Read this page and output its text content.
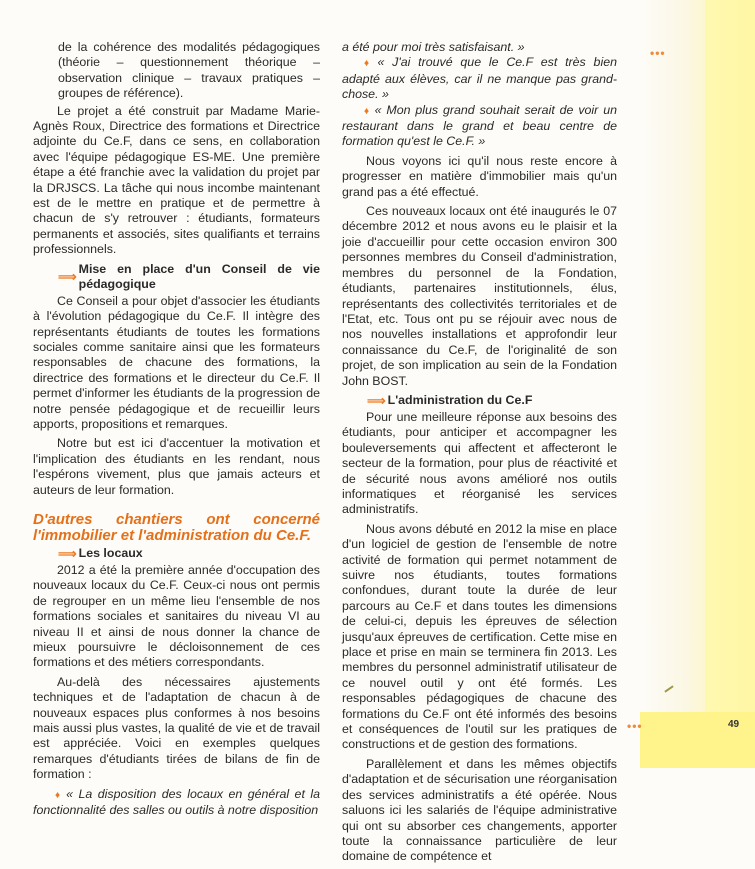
•••
•••	49
de la cohérence des modalités pédagogiques (théorie – questionnement théorique – observation clinique – travaux pratiques – groupes de référence).

Le projet a été construit par Madame Marie-Agnès Roux, Directrice des formations et Directrice adjointe du Ce.F, dans ce sens, en collaboration avec l'équipe pédagogique ES-ME. Une première étape a été franchie avec la validation du projet par la DRJSCS. La tâche qui nous incombe maintenant est de le mettre en pratique et de permettre à chacun de s'y retrouver : étudiants, formateurs permanents et associés, sites qualifiants et terrains professionnels.

⟹
Mise en place d'un Conseil de vie pédagogique

Ce Conseil a pour objet d'associer les étudiants à l'évolution pédagogique du Ce.F. Il intègre des représentants étudiants de toutes les formations sociales comme sanitaire ainsi que les formateurs responsables de chacune des formations, la directrice des formations et le directeur du Ce.F. Il permet d'informer les étudiants de la progression de notre pensée pédagogique et de recueillir leurs apports, propositions et remarques.

Notre but est ici d'accentuer la motivation et l'implication des étudiants en les rendant, nous l'espérons vivement, plus que jamais acteurs et auteurs de leur formation.

D'autres chantiers ont concerné l'immobilier et l'administration du Ce.F.
⟹ Les locaux

2012 a été la première année d'occupation des nouveaux locaux du Ce.F. Ceux-ci nous ont permis de regrouper en un même lieu l'ensemble de nos formations sociales et sanitaires du niveau VI au niveau II et ainsi de nous donner la chance de mieux poursuivre le décloisonnement de ces formations et des métiers correspondants.

Au-delà des nécessaires ajustements techniques et de l'adaptation de chacun à de nouveaux espaces plus conformes à nos besoins mais aussi plus vastes, la qualité de vie et de travail est appréciée. Voici en exemples quelques remarques d'étudiants tirées de bilans de fin de formation :

♦ « La disposition des locaux en général et la fonctionnalité des salles ou outils à notre disposition
a été pour moi très satisfaisant. »
♦ « J'ai trouvé que le Ce.F est très bien adapté aux élèves, car il ne manque pas grand-chose. »
♦ « Mon plus grand souhait serait de voir un restaurant dans le grand et beau centre de formation qu'est le Ce.F. »

Nous voyons ici qu'il nous reste encore à progresser en matière d'immobilier mais qu'un grand pas a été effectué.

Ces nouveaux locaux ont été inaugurés le 07 décembre 2012 et nous avons eu le plaisir et la joie d'accueillir pour cette occasion environ 300 personnes membres du Conseil d'administration, membres du personnel de la Fondation, étudiants, partenaires institutionnels, élus, représentants des collectivités territoriales et de l'Etat, etc. Tous ont pu se réjouir avec nous de nos nouvelles installations et approfondir leur connaissance du Ce.F, de l'originalité de son projet, de son implication au sein de la Fondation John BOST.

⟹ L'administration du Ce.F

Pour une meilleure réponse aux besoins des étudiants, pour anticiper et accompagner les bouleversements qui affectent et affecteront le secteur de la formation, pour plus de réactivité et de sécurité nous avons amélioré nos outils informatiques et réorganisé les services administratifs.

Nous avons débuté en 2012 la mise en place d'un logiciel de gestion de l'ensemble de notre activité de formation qui permet notamment de suivre nos étudiants, toutes formations confondues, durant toute la durée de leur parcours au Ce.F et dans toutes les dimensions de celui-ci, depuis les épreuves de sélection jusqu'aux épreuves de certification. Cette mise en place et prise en main se terminera fin 2013. Les membres du personnel administratif utilisateur de ce nouvel outil y ont été formés. Les responsables pédagogiques de chacune des formations du Ce.F ont été informés des besoins et conséquences de l'outil sur les pratiques de constructions et de gestion des formations.

Parallèlement et dans les mêmes objectifs d'adaptation et de sécurisation une réorganisation des services administratifs a été opérée. Nous saluons ici les salariés de l'équipe administrative qui ont su absorber ces changements, apporter toute la connaissance particulière de leur domaine de compétence et
